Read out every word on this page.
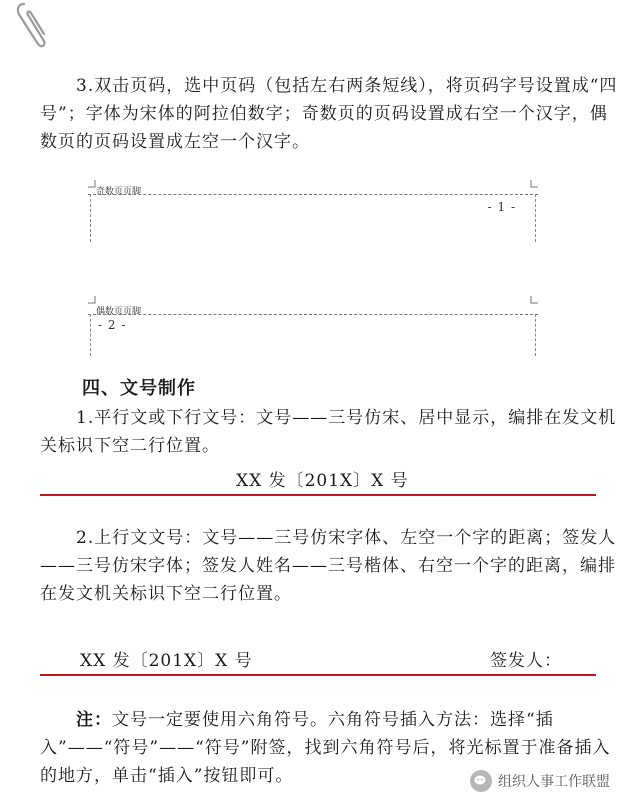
3.双击页码，选中页码（包括左右两条短线），将页码字号设置成“四号”；字体为宋体的阿拉伯数字；奇数页的页码设置成右空一个汉字，偶数页的页码设置成左空一个汉字。
奇数页页脚
- 1 -
偶数页页脚
- 2 -
四、文号制作
1.平行文或下行文号：文号——三号仿宋、居中显示，编排在发文机关标识下空二行位置。
XX 发〔201X〕X 号
2.上行文文号：文号——三号仿宋字体、左空一个字的距离；签发人——三号仿宋字体；签发人姓名——三号楷体、右空一个字的距离，编排在发文机关标识下空二行位置。
XX 发〔201X〕X 号	签发人：
注：文号一定要使用六角符号。六角符号插入方法：选择“插入”——“符号”——“符号”附签，找到六角符号后，将光标置于准备插入的地方，单击“插入”按钮即可。	组织人事工作联盟
